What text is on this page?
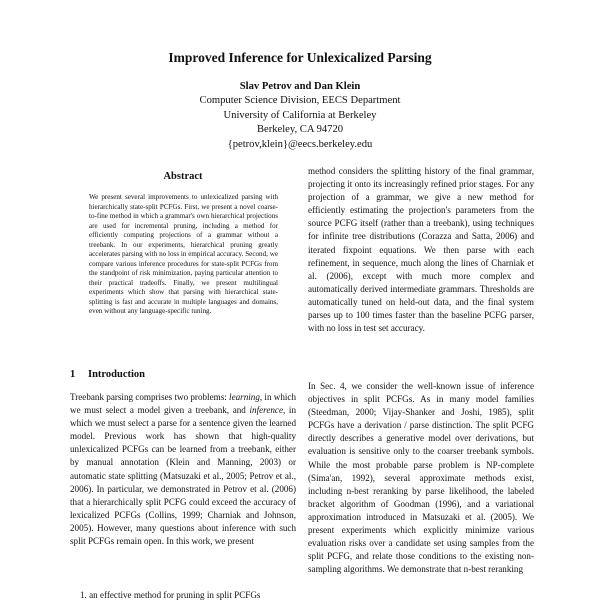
Improved Inference for Unlexicalized Parsing
Slav Petrov and Dan Klein
Computer Science Division, EECS Department
University of California at Berkeley
Berkeley, CA 94720
{petrov,klein}@eecs.berkeley.edu
Abstract

We present several improvements to unlexicalized parsing with hierarchically state-split PCFGs. First, we present a novel coarse-to-fine method in which a grammar's own hierarchical projections are used for incremental pruning, including a method for efficiently computing projections of a grammar without a treebank. In our experiments, hierarchical pruning greatly accelerates parsing with no loss in empirical accuracy. Second, we compare various inference procedures for state-split PCFGs from the standpoint of risk minimization, paying particular attention to their practical tradeoffs. Finally, we present multilingual experiments which show that parsing with hierarchical state-splitting is fast and accurate in multiple languages and domains, even without any language-specific tuning.

1 Introduction

Treebank parsing comprises two problems: learning, in which we must select a model given a treebank, and inference, in which we must select a parse for a sentence given the learned model. Previous work has shown that high-quality unlexicalized PCFGs can be learned from a treebank, either by manual annotation (Klein and Manning, 2003) or automatic state splitting (Matsuzaki et al., 2005; Petrov et al., 2006). In particular, we demonstrated in Petrov et al. (2006) that a hierarchically split PCFG could exceed the accuracy of lexicalized PCFGs (Collins, 1999; Charniak and Johnson, 2005). However, many questions about inference with such split PCFGs remain open. In this work, we present

1. an effective method for pruning in split PCFGs

method considers the splitting history of the final grammar, projecting it onto its increasingly refined prior stages. For any projection of a grammar, we give a new method for efficiently estimating the projection's parameters from the source PCFG itself (rather than a treebank), using techniques for infinite tree distributions (Corazza and Satta, 2006) and iterated fixpoint equations. We then parse with each refinement, in sequence, much along the lines of Charniak et al. (2006), except with much more complex and automatically derived intermediate grammars. Thresholds are automatically tuned on held-out data, and the final system parses up to 100 times faster than the baseline PCFG parser, with no loss in test set accuracy.

In Sec. 4, we consider the well-known issue of inference objectives in split PCFGs. As in many model families (Steedman, 2000; Vijay-Shanker and Joshi, 1985), split PCFGs have a derivation / parse distinction. The split PCFG directly describes a generative model over derivations, but evaluation is sensitive only to the coarser treebank symbols. While the most probable parse problem is NP-complete (Sima'an, 1992), several approximate methods exist, including n-best reranking by parse likelihood, the labeled bracket algorithm of Goodman (1996), and a variational approximation introduced in Matsuzaki et al. (2005). We present experiments which explicitly minimize various evaluation risks over a candidate set using samples from the split PCFG, and relate those conditions to the existing non-sampling algorithms. We demonstrate that n-best reranking
